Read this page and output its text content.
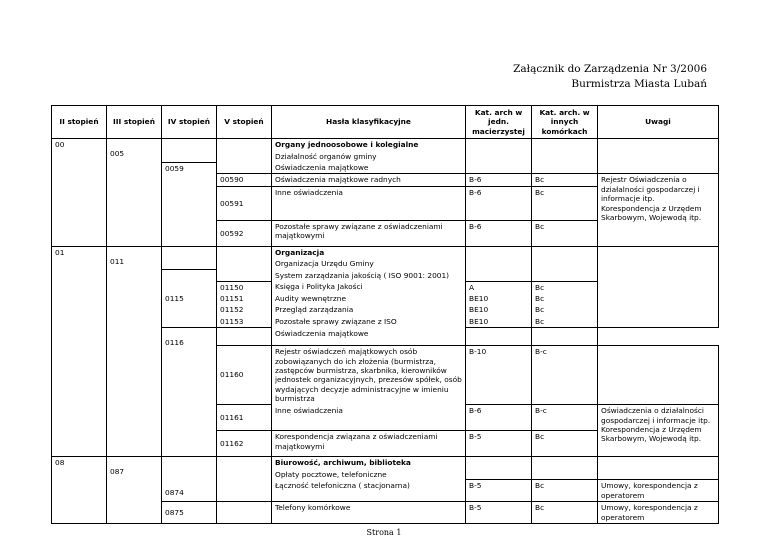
Załącznik do Zarządzenia Nr 3/2006
Burmistrza Miasta Lubań
II stopień	III stopień	IV stopień	V stopień	Hasła klasyfikacyjne	Kat. arch w jedn. macierzystej	Kat. arch. w innych komórkach	Uwagi
00	005			Organy jednoosobowe i kolegialne			
				Działalność organów gminy			
		0059		Oświadczenia majątkowe			
			00590	Oświadczenia majątkowe radnych	B-6	Bc	Rejestr Oświadczenia o działalności gospodarczej i informacje itp. Korespondencja z Urzędem Skarbowym, Wojewodą itp.
			00591	Inne oświadczenia	B-6	Bc	
			00592	Pozostałe sprawy związane z oświadczeniami majątkowymi	B-6	Bc	
01	011			Organizacja			
				Organizacja Urzędu Gminy			
		0115		System zarządzania jakością ( ISO 9001: 2001)			
			01150	Księga i Polityka Jakości	A	Bc	
			01151	Audity wewnętrzne	BE10	Bc	
			01152	Przegląd zarządzania	BE10	Bc	
			01153	Pozostałe sprawy związane z ISO	BE10	Bc	
		0116		Oświadczenia majątkowe			
			01160	Rejestr oświadczeń majątkowych osób zobowiązanych do ich złożenia (burmistrza, zastępców burmistrza, skarbnika, kierowników jednostek organizacyjnych, prezesów spółek, osób wydających decyzje administracyjne w imieniu burmistrza	B-10	B-c	
			01161	Inne oświadczenia	B-6	B-c	Oświadczenia o działalności gospodarczej i informacje itp. Korespondencja z Urzędem Skarbowym, Wojewodą itp.
			01162	Korespondencja związana z oświadczeniami majątkowymi	B-5	Bc	
08	087	0874		Biurowość, archiwum, biblioteka			
				Opłaty pocztowe, telefoniczne			
				Łączność telefoniczna ( stacjonarna)	B-5	Bc	Umowy, korespondencja z operatorem
		0875		Telefony komórkowe	B-5	Bc	Umowy, korespondencja z operatorem
Strona 1
